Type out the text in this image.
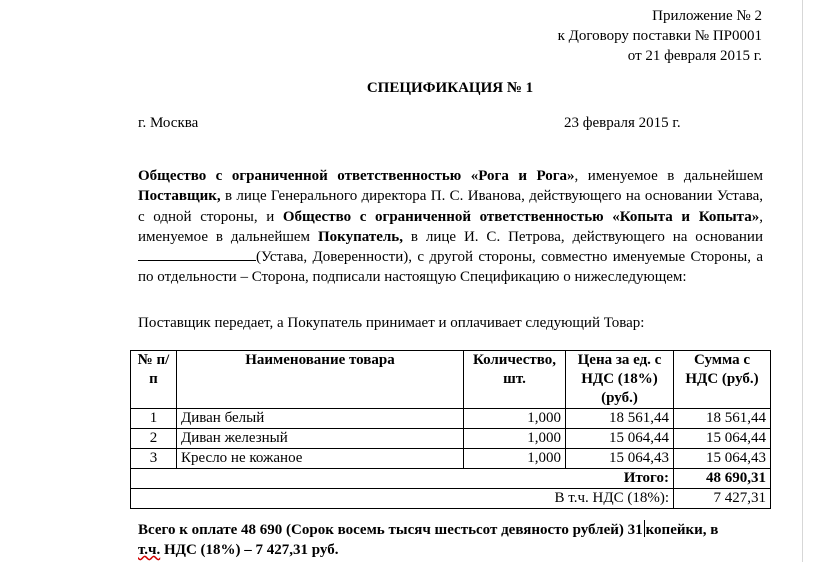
Приложение № 2
к Договору поставки № ПР0001
от 21 февраля 2015 г.
СПЕЦИФИКАЦИЯ № 1
г. Москва	23 февраля 2015 г.
Общество с ограниченной ответственностью «Рога и Рога», именуемое в дальнейшем Поставщик, в лице Генерального директора П. С. Иванова, действующего на основании Устава, с одной стороны, и Общество с ограниченной ответственностью «Копыта и Копыта», именуемое в дальнейшем Покупатель, в лице И. С. Петрова, действующего на основании (Устава, Доверенности), с другой стороны, совместно именуемые Стороны, а по отдельности – Сторона, подписали настоящую Спецификацию о нижеследующем:
Поставщик передает, а Покупатель принимает и оплачивает следующий Товар:
№ п/п	Наименование товара	Количество, шт.	Цена за ед. с НДС (18%) (руб.)	Сумма с НДС (руб.)
1	Диван белый	1,000	18 561,44	18 561,44
2	Диван железный	1,000	15 064,44	15 064,44
3	Кресло не кожаное	1,000	15 064,43	15 064,43
Итого:				48 690,31
В т.ч. НДС (18%):				7 427,31
Всего к оплате 48 690 (Сорок восемь тысяч шестьсот девяносто рублей) 31 копейки, в
т.ч. НДС (18%) – 7 427,31 руб.
